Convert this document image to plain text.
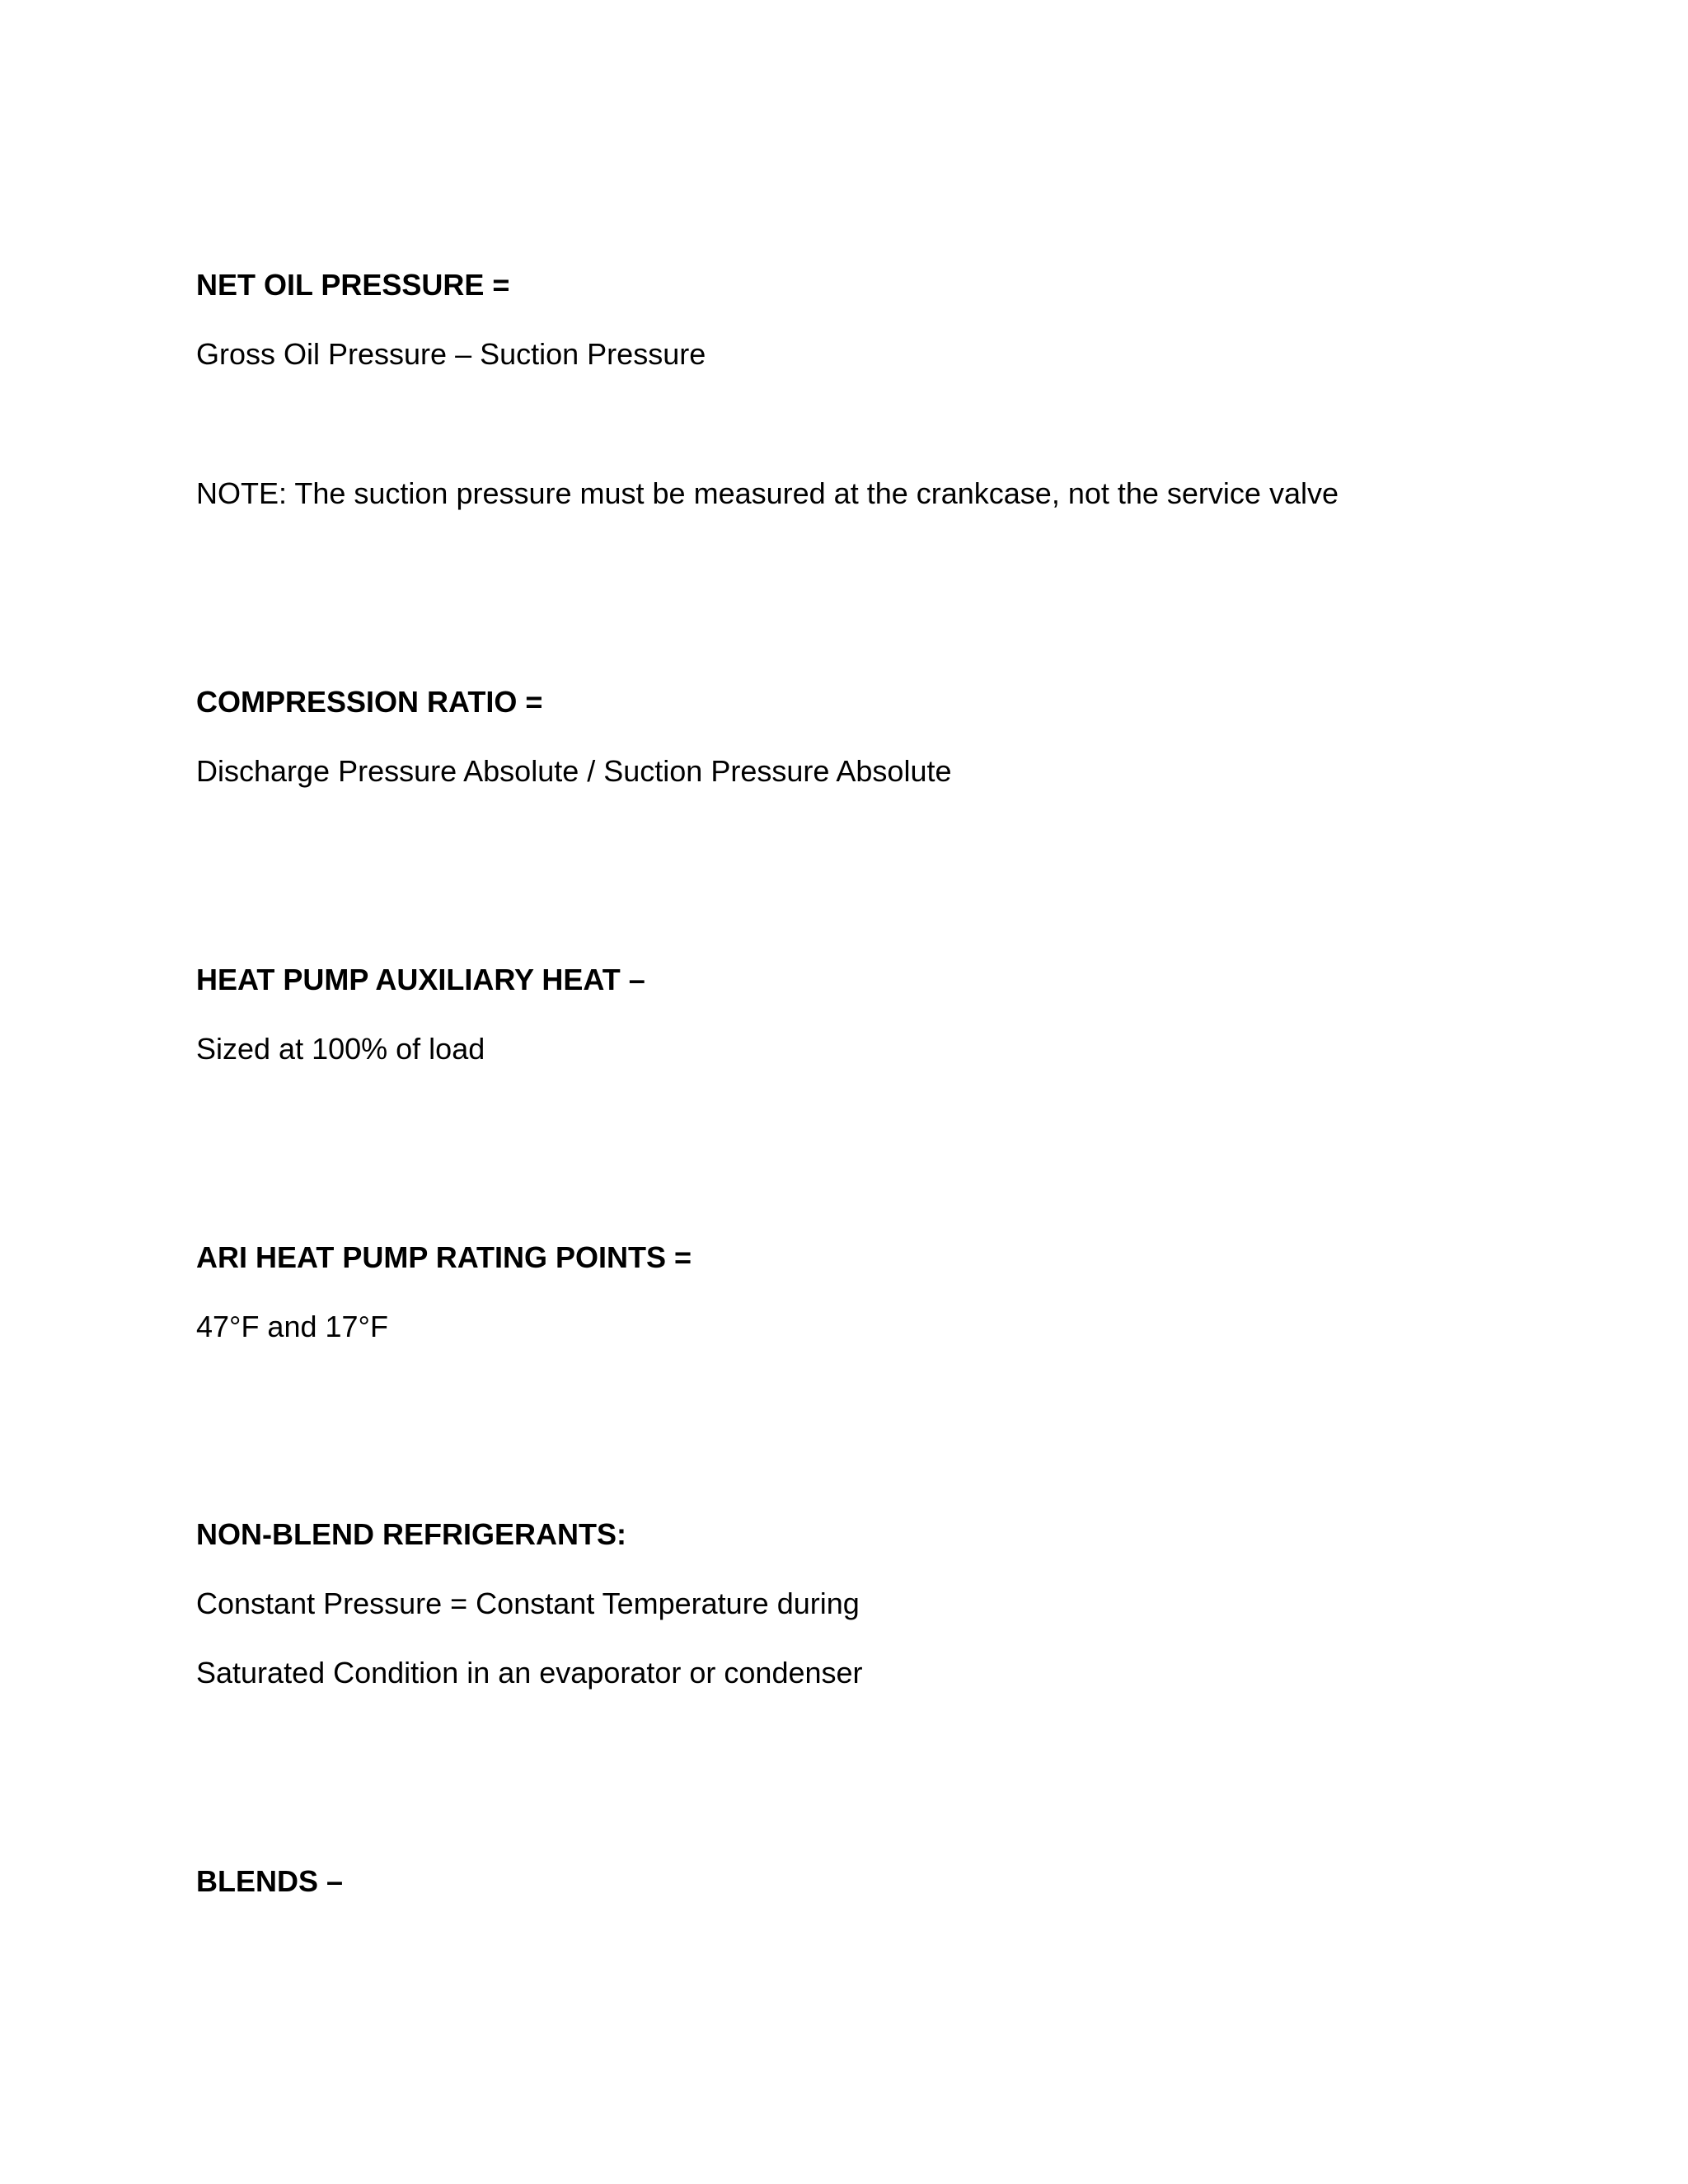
NET OIL PRESSURE =
Gross Oil Pressure – Suction Pressure
NOTE: The suction pressure must be measured at the crankcase, not the service valve
COMPRESSION RATIO =
Discharge Pressure Absolute / Suction Pressure Absolute
HEAT PUMP AUXILIARY HEAT –
Sized at 100% of load
ARI HEAT PUMP RATING POINTS =
47°F and 17°F
NON-BLEND REFRIGERANTS:
Constant Pressure = Constant Temperature during
Saturated Condition in an evaporator or condenser
BLENDS –
